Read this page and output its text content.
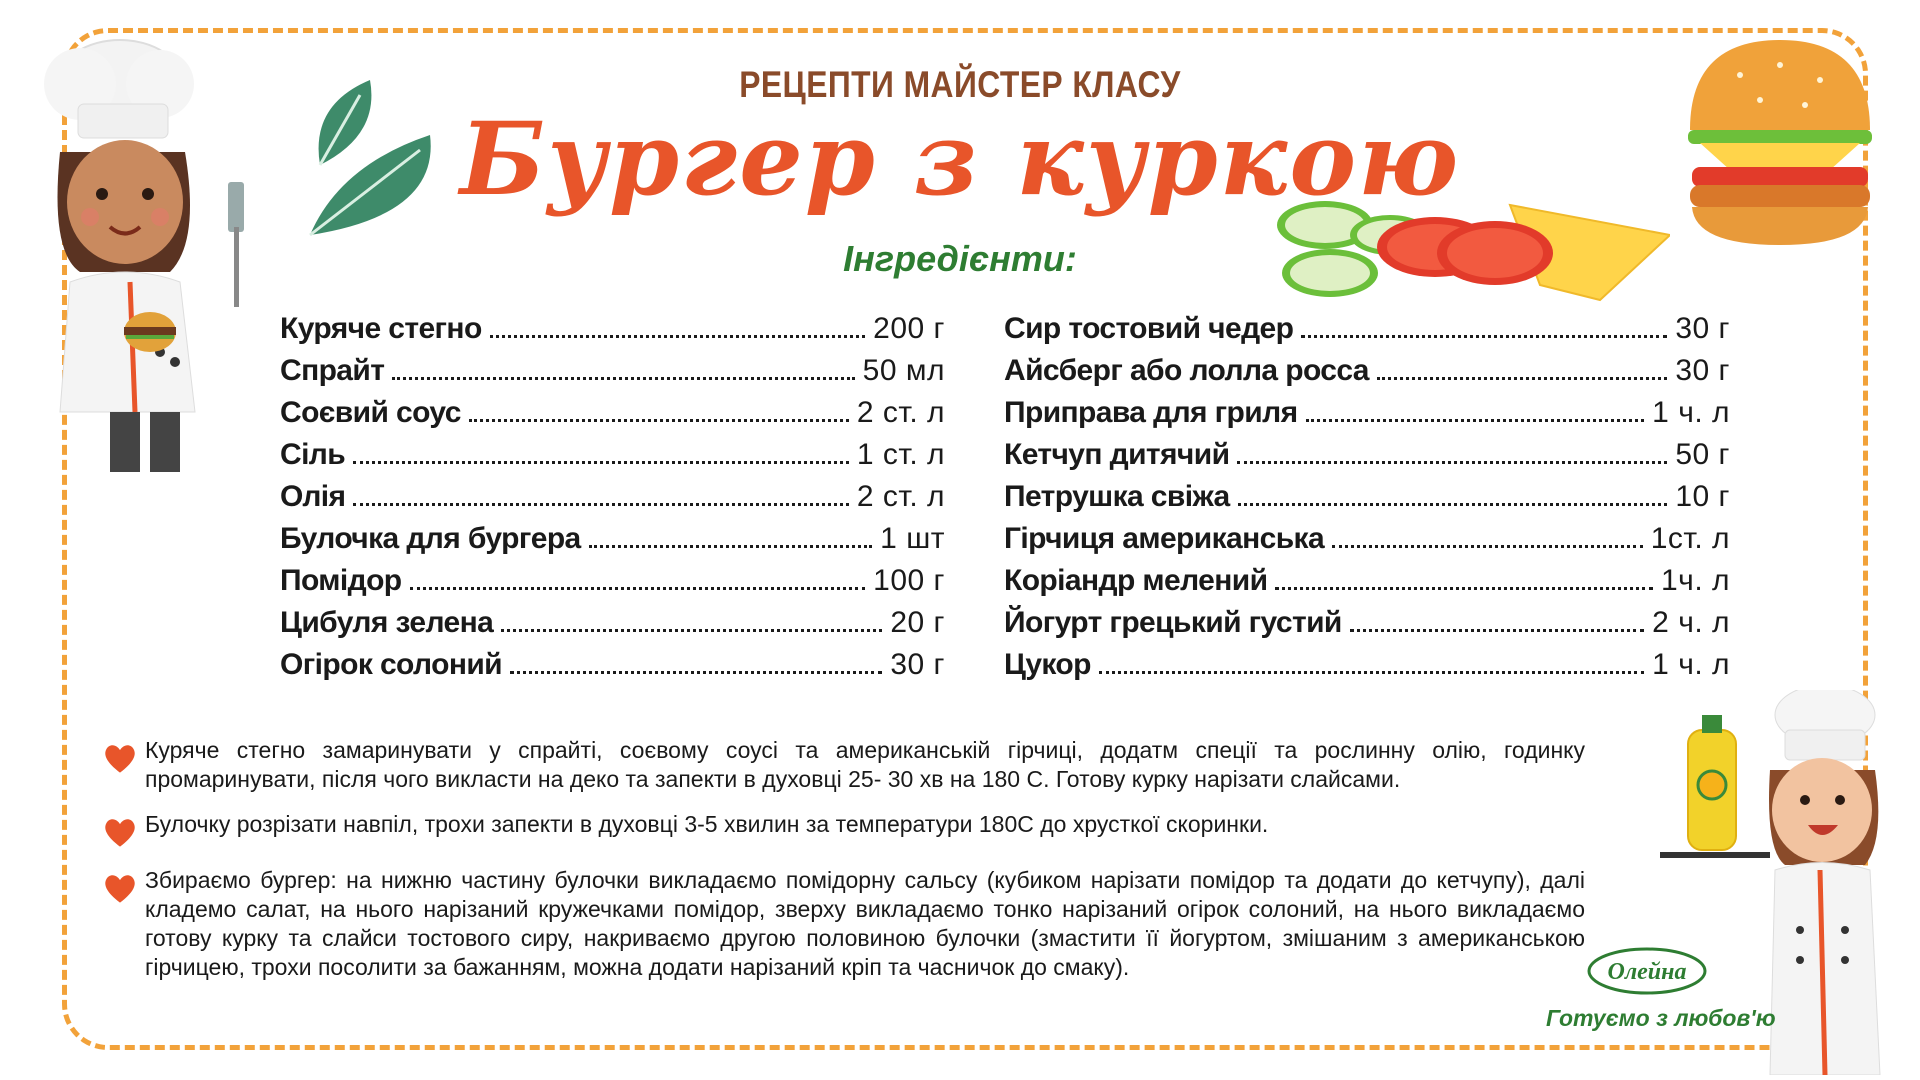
РЕЦЕПТИ МАЙСТЕР КЛАСУ
Бургер з куркою
Інгредієнти:
Куряче стегно	200 г
Спрайт	50 мл
Соєвий соус	2 ст. л
Сіль	1 ст. л
Олія	2 ст. л
Булочка для бургера	1 шт
Помідор	100 г
Цибуля зелена	20 г
Огірок солоний	30 г
Сир тостовий чедер	30 г
Айсберг або лолла росса	30 г
Приправа для гриля	1 ч. л
Кетчуп дитячий	50 г
Петрушка свіжа	10 г
Гірчиця американська	1ст. л
Коріандр мелений	1ч. л
Йогурт грецький густий	2 ч. л
Цукор	1 ч. л
Куряче стегно замаринувати у спрайті, соєвому соусі та американській гірчиці, додатм спеції та рослинну олію, годинку промаринувати, після чого викласти на деко та запекти в духовці 25- 30 хв на 180 С. Готову курку нарізати слайсами.
Булочку розрізати навпіл, трохи запекти в духовці 3-5 хвилин за температури 180С до хрусткої скоринки.
Збираємо бургер: на нижню частину булочки викладаємо помідорну сальсу (кубиком нарізати помідор та додати до кетчупу), далі кладемо салат, на нього нарізаний кружечками помідор, зверху викладаємо тонко нарізаний огірок солоний, на нього викладаємо готову курку та слайси тостового сиру, накриваємо другою половиною булочки (змастити її йогуртом, змішаним з американською гірчицею, трохи посолити за бажанням, можна додати нарізаний кріп та часничок до смаку).	Олейна
Готуємо з любов'ю
